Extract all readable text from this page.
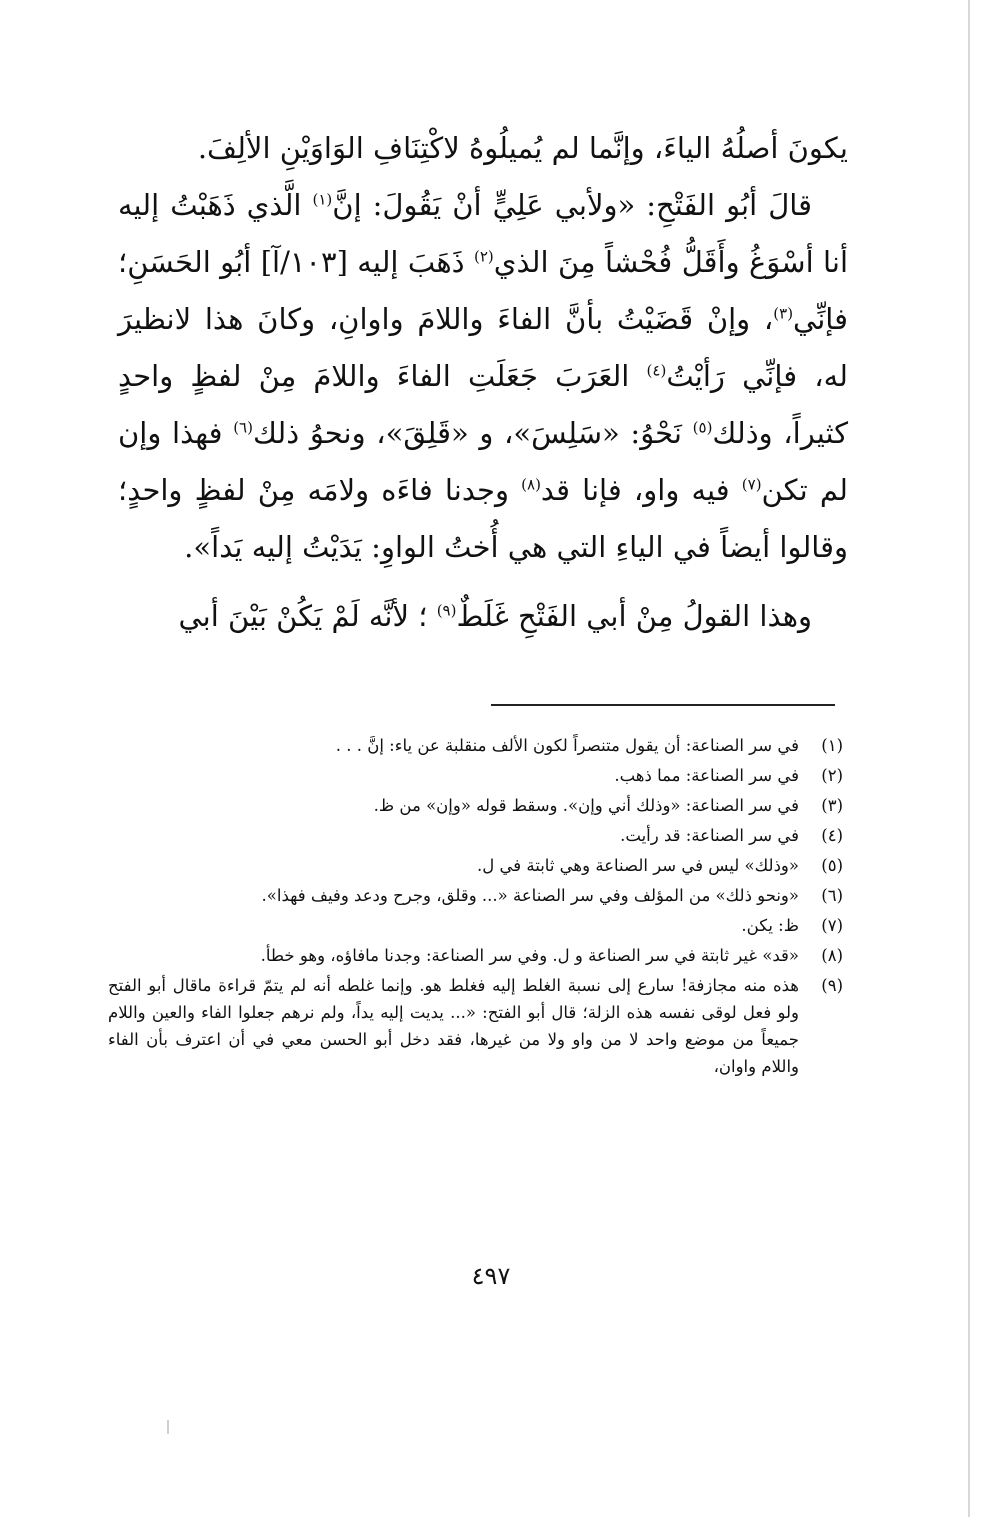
يكونَ أصلُهُ الياءَ، وإنَّما لم يُميلُوهُ لاكْتِنَافِ الوَاوَيْنِ الألِفَ.

قالَ أبُو الفَتْحِ: «ولأبي عَلِيٍّ أنْ يَقُولَ: إنَّ$^{(١)}$ الَّذي ذَهَبْتُ إليه أنا أسْوَغُ وأَقَلُّ فُحْشاً مِنَ الذي$^{(٢)}$ ذَهَبَ إليه [١٠٣/آ] أبُو الحَسَنِ؛ فإنِّي$^{(٣)}$، وإنْ قَضَيْتُ بأنَّ الفاءَ واللامَ واوانِ، وكانَ هذا لانظيرَ له، فإنِّي رَأيْتُ$^{(٤)}$ العَرَبَ جَعَلَتِ الفاءَ واللامَ مِنْ لفظٍ واحدٍ كثيراً، وذلك$^{(٥)}$ نَحْوُ: «سَلِسَ»، و «قَلِقَ»، ونحوُ ذلك$^{(٦)}$ فهذا وإن لم تكن$^{(٧)}$ فيه واو، فإنا قد$^{(٨)}$ وجدنا فاءَه ولامَه مِنْ لفظٍ واحدٍ؛ وقالوا أيضاً في الياءِ التي هي أُختُ الواوِ: يَدَيْتُ إليه يَداً».

وهذا القولُ مِنْ أبي الفَتْحِ غَلَطٌ$^{(٩)}$ ؛ لأنَّه لَمْ يَكُنْ بَيْنَ أبي

(١)
في سر الصناعة: أن يقول متنصراً لكون الألف منقلبة عن ياء: إنَّ . . .
(٢)
في سر الصناعة: مما ذهب.
(٣)
في سر الصناعة: «وذلك أني وإن». وسقط قوله «وإن» من ظ.
(٤)
في سر الصناعة: قد رأيت.
(٥)
«وذلك» ليس في سر الصناعة وهي ثابتة في ل.
(٦)
«ونحو ذلك» من المؤلف وفي سر الصناعة «... وقلق، وجرح ودعد وفيف فهذا».
(٧)
ظ: يكن.
(٨)
«قد» غير ثابتة في سر الصناعة و ل. وفي سر الصناعة: وجدنا مافاؤه، وهو خطأ.
(٩)
هذه منه مجازفة! سارع إلى نسبة الغلط إليه فغلط هو. وإنما غلطه أنه لم يتمّ قراءة ماقال أبو الفتح ولو فعل لوقى نفسه هذه الزلة؛ قال أبو الفتح: «... يديت إليه يداً، ولم نرهم جعلوا الفاء والعين واللام جميعاً من موضع واحد لا من واو ولا من غيرها، فقد دخل أبو الحسن معي في أن اعترف بأن الفاء واللام واوان،
٤٩٧
